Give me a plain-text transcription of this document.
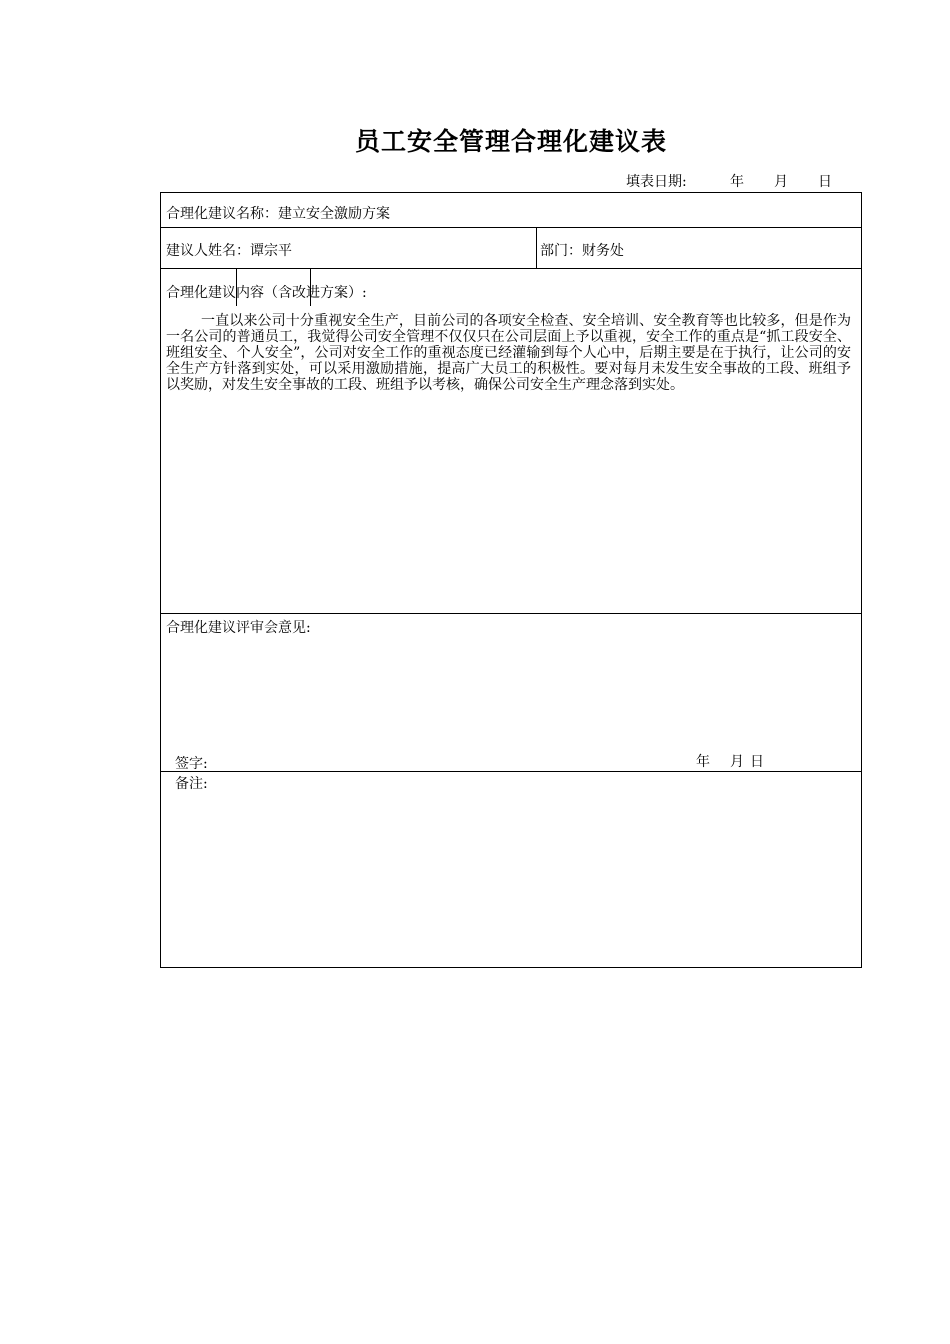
员工安全管理合理化建议表
填表日期:	年 月 日
合理化建议名称：建立安全激励方案
建议人姓名：谭宗平	部门：财务处
合理化建议内容（含改进方案）:
一直以来公司十分重视安全生产，目前公司的各项安全检查、安全培训、安全教育等也比较多，但是作为一名公司的普通员工，我觉得公司安全管理不仅仅只在公司层面上予以重视，安全工作的重点是“抓工段安全、班组安全、个人安全”，公司对安全工作的重视态度已经灌输到每个人心中，后期主要是在于执行，让公司的安全生产方针落到实处，可以采用激励措施，提高广大员工的积极性。要对每月未发生安全事故的工段、班组予以奖励，对发生安全事故的工段、班组予以考核，确保公司安全生产理念落到实处。
合理化建议评审会意见:
签字:	年 月 日
备注:
